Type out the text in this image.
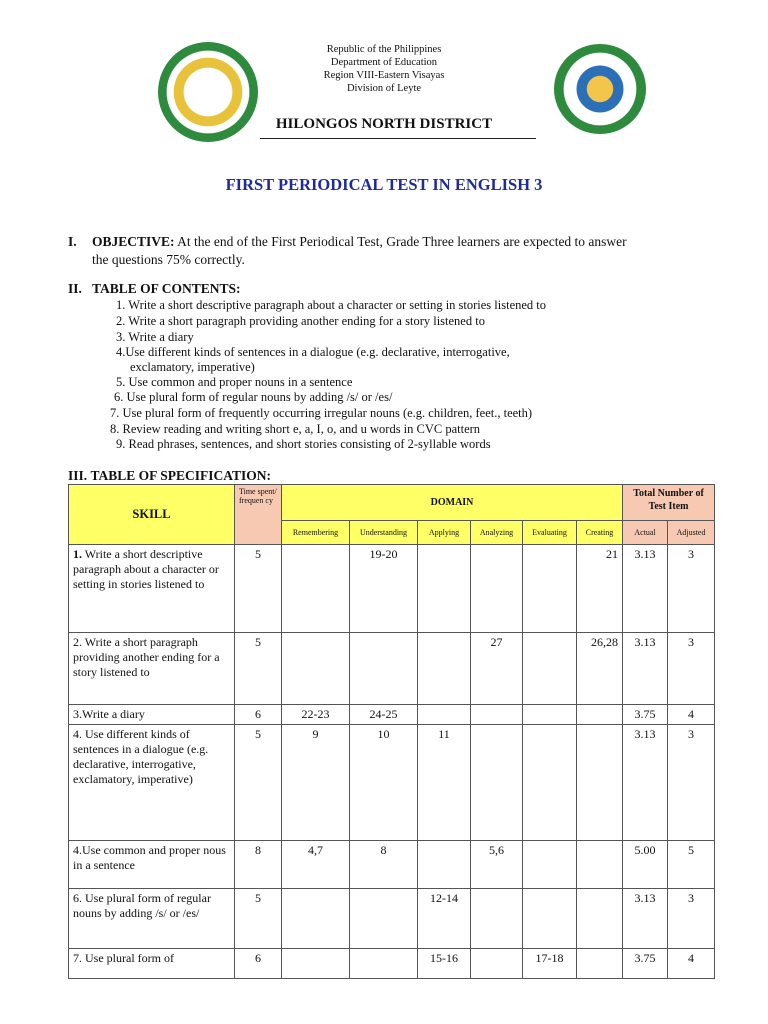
Republic of the Philippines
Department of Education
Region VIII-Eastern Visayas
Division of Leyte
HILONGOS NORTH DISTRICT
FIRST PERIODICAL TEST IN ENGLISH 3
I. OBJECTIVE: At the end of the First Periodical Test, Grade Three learners are expected to answer
the questions 75% correctly.
II. TABLE OF CONTENTS:
1. Write a short descriptive paragraph about a character or setting in stories listened to
2. Write a short paragraph providing another ending for a story listened to
3. Write a diary
4.Use different kinds of sentences in a dialogue (e.g. declarative, interrogative,
exclamatory, imperative)
5. Use common and proper nouns in a sentence
6. Use plural form of regular nouns by adding /s/ or /es/
7. Use plural form of frequently occurring irregular nouns (e.g. children, feet., teeth)
8. Review reading and writing short e, a, I, o, and u words in CVC pattern
9. Read phrases, sentences, and short stories consisting of 2-syllable words
III. TABLE OF SPECIFICATION:
SKILL	Time spent/ frequen cy	DOMAIN						Total Number of Test Item	
		Remembering	Understanding	Applying	Analyzing	Evaluating	Creating	Actual	Adjusted
1. Write a short descriptive paragraph about a character or setting in stories listened to	5		19-20				21	3.13	3
2. Write a short paragraph providing another ending for a story listened to	5				27		26,28	3.13	3
3.Write a diary	6	22-23	24-25					3.75	4
4. Use different kinds of sentences in a dialogue (e.g. declarative, interrogative, exclamatory, imperative)	5	9	10	11				3.13	3
4.Use common and proper nous in a sentence	8	4,7	8		5,6			5.00	5
6. Use plural form of regular nouns by adding /s/ or /es/	5			12-14				3.13	3
7. Use plural form of	6			15-16		17-18		3.75	4
